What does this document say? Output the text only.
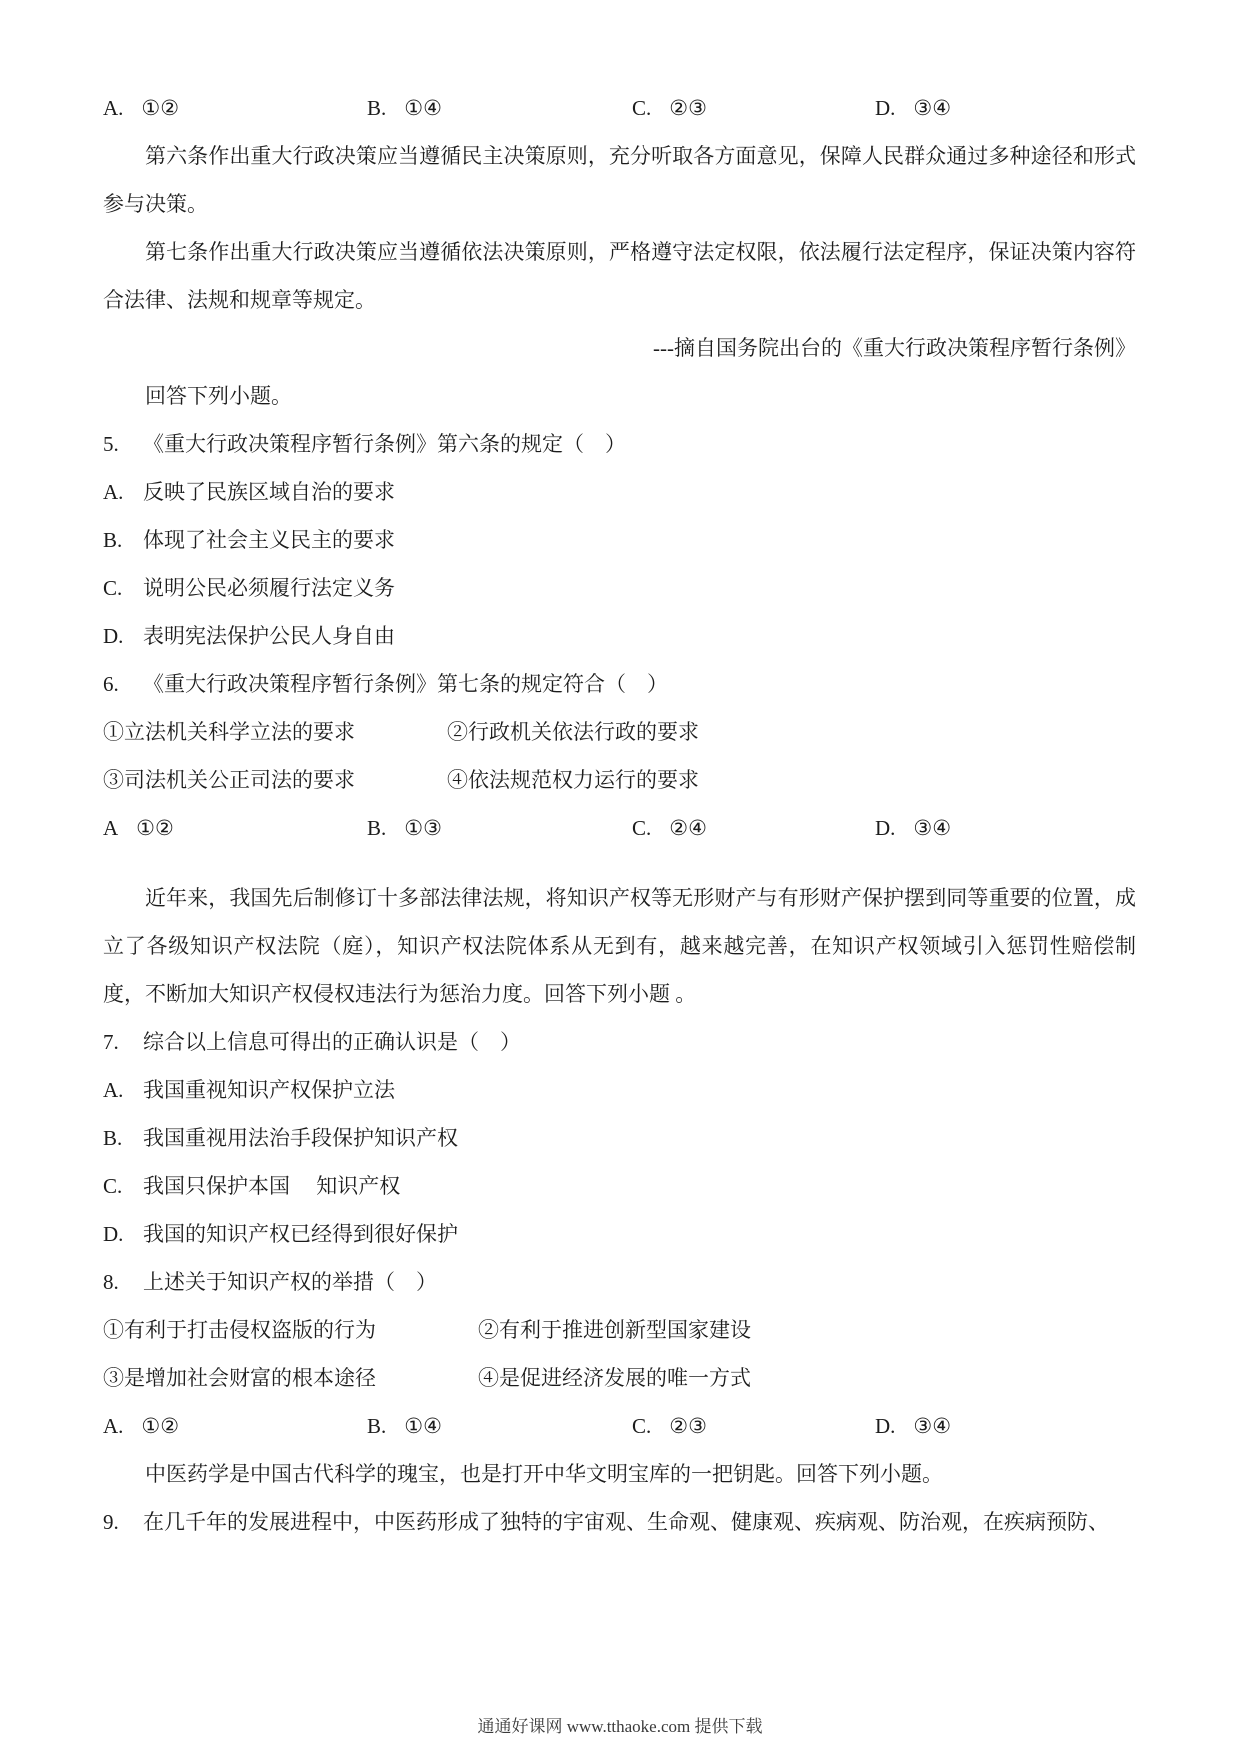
A. ①②	B. ①④	C. ②③	D. ③④

第六条作出重大行政决策应当遵循民主决策原则，充分听取各方面意见，保障人民群众通过多种途径和形式参与决策。

第七条作出重大行政决策应当遵循依法决策原则，严格遵守法定权限，依法履行法定程序，保证决策内容符合法律、法规和规章等规定。

---摘自国务院出台的《重大行政决策程序暂行条例》
回答下列小题。
5. 《重大行政决策程序暂行条例》第六条的规定（　）
A. 反映了民族区域自治的要求
B. 体现了社会主义民主的要求
C. 说明公民必须履行法定义务
D. 表明宪法保护公民人身自由
6. 《重大行政决策程序暂行条例》第七条的规定符合（　）
①立法机关科学立法的要求	②行政机关依法行政的要求
③司法机关公正司法的要求	④依法规范权力运行的要求
A ①②	B. ①③	C. ②④	D. ③④

近年来，我国先后制修订十多部法律法规，将知识产权等无形财产与有形财产保护摆到同等重要的位置，成立了各级知识产权法院（庭），知识产权法院体系从无到有，越来越完善，在知识产权领域引入惩罚性赔偿制度，不断加大知识产权侵权违法行为惩治力度。回答下列小题 。

7. 综合以上信息可得出的正确认识是（　）
A. 我国重视知识产权保护立法
B. 我国重视用法治手段保护知识产权
C. 我国只保护本国　 知识产权
D. 我国的知识产权已经得到很好保护
8. 上述关于知识产权的举措（　）
①有利于打击侵权盗版的行为	②有利于推进创新型国家建设
③是增加社会财富的根本途径	④是促进经济发展的唯一方式
A. ①②	B. ①④	C. ②③	D. ③④
中医药学是中国古代科学的瑰宝，也是打开中华文明宝库的一把钥匙。回答下列小题。
9. 在几千年的发展进程中，中医药形成了独特的宇宙观、生命观、健康观、疾病观、防治观，在疾病预防、
通通好课网 www.tthaoke.com 提供下载
